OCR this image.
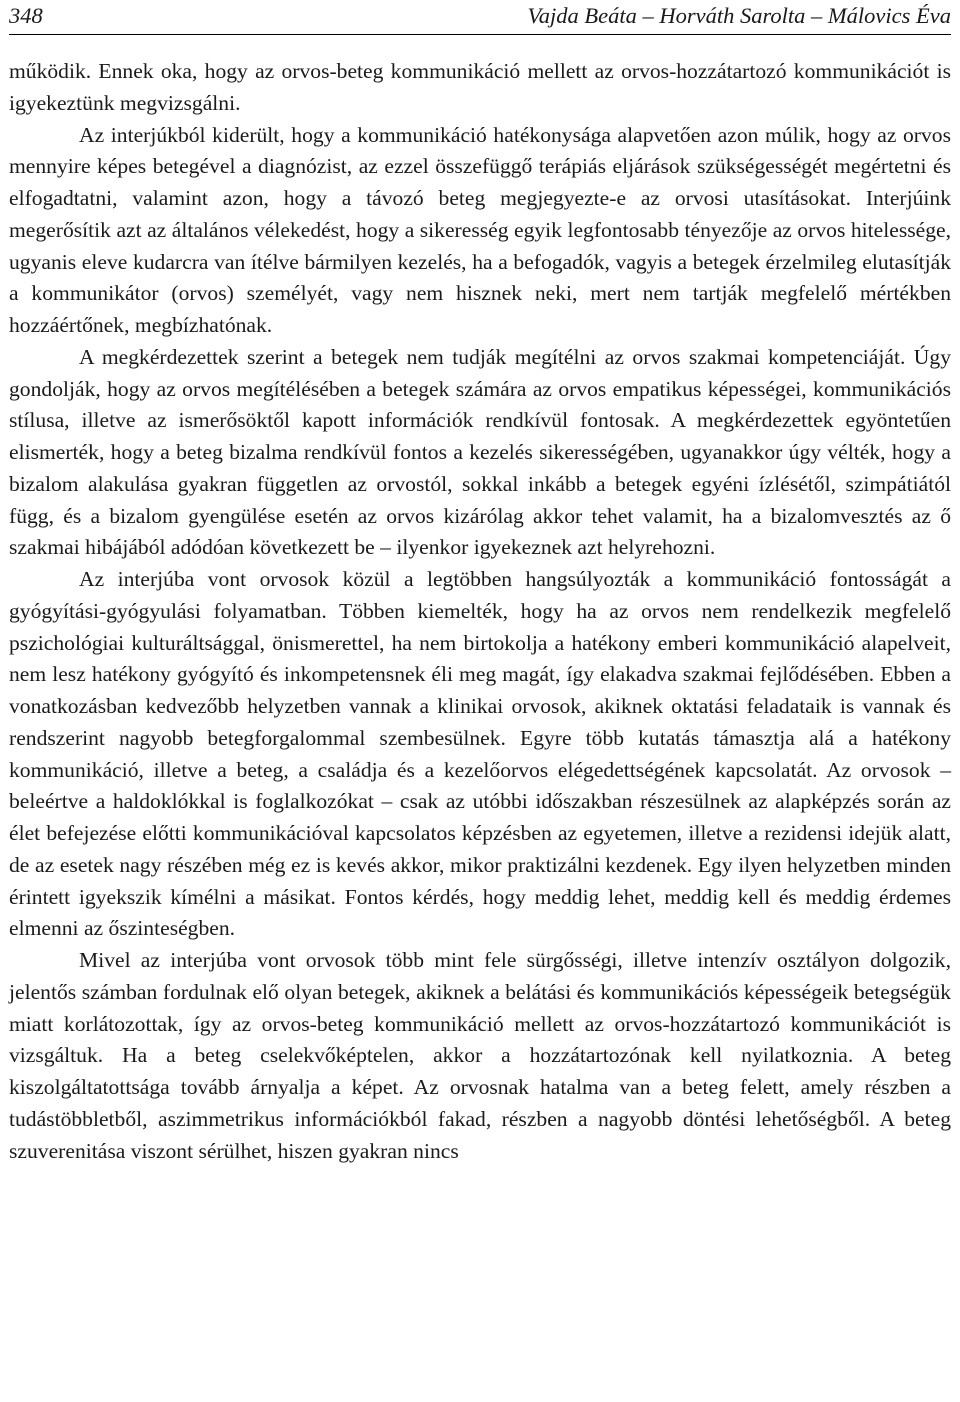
348	Vajda Beáta – Horváth Sarolta – Málovics Éva

működik. Ennek oka, hogy az orvos-beteg kommunikáció mellett az orvos-hozzátartozó kommunikációt is igyekeztünk megvizsgálni.

Az interjúkból kiderült, hogy a kommunikáció hatékonysága alapvetően azon múlik, hogy az orvos mennyire képes betegével a diagnózist, az ezzel összefüggő terápiás eljárások szükségességét megértetni és elfogadtatni, valamint azon, hogy a távozó beteg megjegyezte-e az orvosi utasításokat. Interjúink megerősítik azt az általános vélekedést, hogy a sikeresség egyik legfontosabb tényezője az orvos hitelessége, ugyanis eleve kudarcra van ítélve bármilyen kezelés, ha a befogadók, vagyis a betegek érzelmileg elutasítják a kommunikátor (orvos) személyét, vagy nem hisznek neki, mert nem tartják megfelelő mértékben hozzáértőnek, megbízhatónak.

A megkérdezettek szerint a betegek nem tudják megítélni az orvos szakmai kompetenciáját. Úgy gondolják, hogy az orvos megítélésében a betegek számára az orvos empatikus képességei, kommunikációs stílusa, illetve az ismerősöktől kapott információk rendkívül fontosak. A megkérdezettek egyöntetűen elismerték, hogy a beteg bizalma rendkívül fontos a kezelés sikerességében, ugyanakkor úgy vélték, hogy a bizalom alakulása gyakran független az orvostól, sokkal inkább a betegek egyéni ízlésétől, szimpátiától függ, és a bizalom gyengülése esetén az orvos kizárólag akkor tehet valamit, ha a bizalomvesztés az ő szakmai hibájából adódóan következett be – ilyenkor igyekeznek azt helyrehozni.

Az interjúba vont orvosok közül a legtöbben hangsúlyozták a kommunikáció fontosságát a gyógyítási-gyógyulási folyamatban. Többen kiemelték, hogy ha az orvos nem rendelkezik megfelelő pszichológiai kulturáltsággal, önismerettel, ha nem birtokolja a hatékony emberi kommunikáció alapelveit, nem lesz hatékony gyógyító és inkompetensnek éli meg magát, így elakadva szakmai fejlődésében. Ebben a vonatkozásban kedvezőbb helyzetben vannak a klinikai orvosok, akiknek oktatási feladataik is vannak és rendszerint nagyobb betegforgalommal szembesülnek. Egyre több kutatás támasztja alá a hatékony kommunikáció, illetve a beteg, a családja és a kezelőorvos elégedettségének kapcsolatát. Az orvosok – beleértve a haldoklókkal is foglalkozókat – csak az utóbbi időszakban részesülnek az alapképzés során az élet befejezése előtti kommunikációval kapcsolatos képzésben az egyetemen, illetve a rezidensi idejük alatt, de az esetek nagy részében még ez is kevés akkor, mikor praktizálni kezdenek. Egy ilyen helyzetben minden érintett igyekszik kímélni a másikat. Fontos kérdés, hogy meddig lehet, meddig kell és meddig érdemes elmenni az őszinteségben.

Mivel az interjúba vont orvosok több mint fele sürgősségi, illetve intenzív osztályon dolgozik, jelentős számban fordulnak elő olyan betegek, akiknek a belátási és kommunikációs képességeik betegségük miatt korlátozottak, így az orvos-beteg kommunikáció mellett az orvos-hozzátartozó kommunikációt is vizsgáltuk. Ha a beteg cselekvőképtelen, akkor a hozzátartozónak kell nyilatkoznia. A beteg kiszolgáltatottsága tovább árnyalja a képet. Az orvosnak hatalma van a beteg felett, amely részben a tudástöbbletből, aszimmetrikus információkból fakad, részben a nagyobb döntési lehetőségből. A beteg szuverenitása viszont sérülhet, hiszen gyakran nincs
